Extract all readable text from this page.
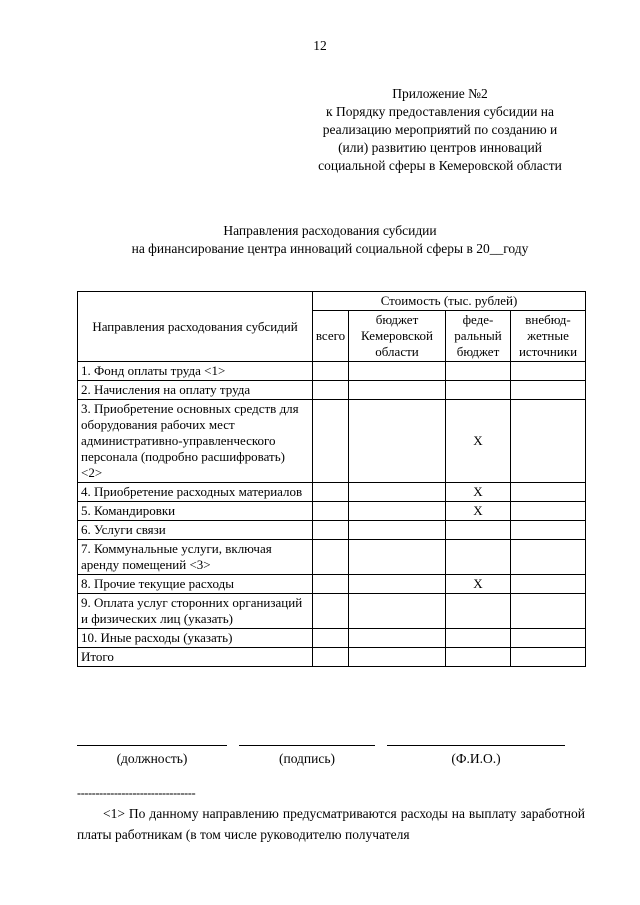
12
Приложение №2
к Порядку предоставления субсидии на
реализацию мероприятий по созданию и
(или) развитию центров инноваций
социальной сферы в Кемеровской области
Направления расходования субсидии
на финансирование центра инноваций социальной сферы в 20__году
Направления расходования субсидий	Стоимость (тыс. рублей)			
	всего	бюджет Кемеровской области	феде-ральный бюджет	внебюд-жетные источники
1. Фонд оплаты труда <1>				
2. Начисления на оплату труда				
3. Приобретение основных средств для оборудования рабочих мест административно-управленческого персонала (подробно расшифровать) <2>			Х	
4. Приобретение расходных материалов			Х	
5. Командировки			Х	
6. Услуги связи				
7. Коммунальные услуги, включая аренду помещений <3>				
8. Прочие текущие расходы			Х	
9. Оплата услуг сторонних организаций и физических лиц (указать)				
10. Иные расходы (указать)				
Итого				
(должность)	(подпись)	(Ф.И.О.)
--------------------------------
<1> По данному направлению предусматриваются расходы на выплату заработной платы работникам (в том числе руководителю получателя
